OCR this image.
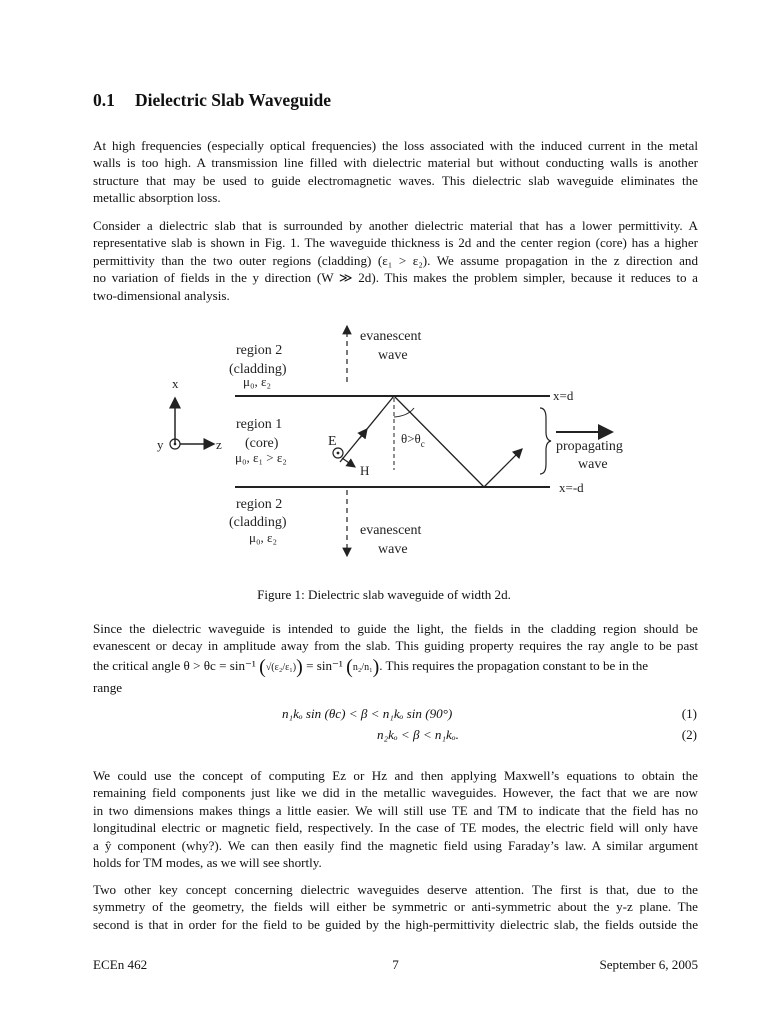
0.1 Dielectric Slab Waveguide
At high frequencies (especially optical frequencies) the loss associated with the induced current in the metal
walls is too high. A transmission line filled with dielectric material but without conducting walls is another
structure that may be used to guide electromagnetic waves. This dielectric slab waveguide eliminates the
metallic absorption loss.
Consider a dielectric slab that is surrounded by another dielectric material that has a lower permittivity. A
representative slab is shown in Fig. 1. The waveguide thickness is 2d and the center region (core) has a higher
permittivity than the two outer regions (cladding) (ε₁ > ε₂). We assume propagation in the z direction and
no variation of fields in the y direction (W ≫ 2d). This makes the problem simpler, because it reduces to a
two-dimensional analysis.
region 2
(cladding)
μ₀, ε₂
region 1
(core)
μ₀, ε₁ > ε₂
region 2
(cladding)
μ₀, ε₂
evanescent
wave
evanescent
wave
x=d
x=-d
propagating
wave
x
y	z	E
H
$\theta>\theta_c$
Figure 1: Dielectric slab waveguide of width 2d.
Since the dielectric waveguide is intended to guide the light, the fields in the cladding region should be
evanescent or decay in amplitude away from the slab. This guiding property requires the ray angle to be past
the critical angle θ > θc = sin⁻¹ (√(ε₂/ε₁)) = sin⁻¹ (n₂/n₁). This requires the propagation constant to be in the
range
n₁kₒ sin (θc) < β < n₁kₒ sin (90°)	(1)
n₂kₒ < β < n₁kₒ.	(2)
We could use the concept of computing Ez or Hz and then applying Maxwell’s equations to obtain the
remaining field components just like we did in the metallic waveguides. However, the fact that we are now
in two dimensions makes things a little easier. We will still use TE and TM to indicate that the field has no
longitudinal electric or magnetic field, respectively. In the case of TE modes, the electric field will only have
a ŷ component (why?). We can then easily find the magnetic field using Faraday’s law. A similar argument
holds for TM modes, as we will see shortly.
Two other key concept concerning dielectric waveguides deserve attention. The first is that, due to the
symmetry of the geometry, the fields will either be symmetric or anti-symmetric about the y-z plane. The
second is that in order for the field to be guided by the high-permittivity dielectric slab, the fields outside the
ECEn 462	7	September 6, 2005
